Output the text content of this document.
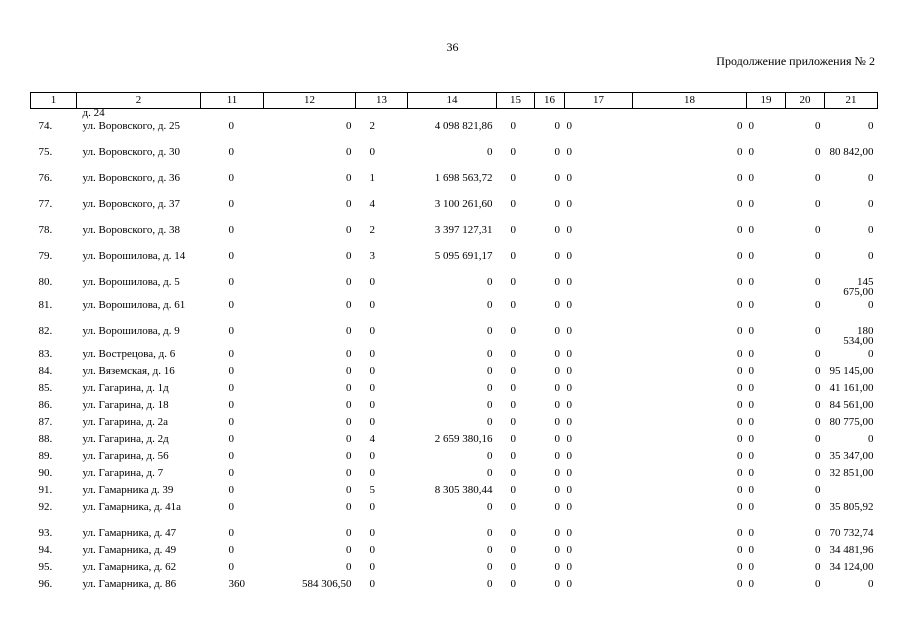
36
Продолжение приложения № 2
1	2	11	12	13	14	15	16	17	18	19	20	21
	д. 24											
74.	ул. Воровского, д. 25	0	0	2	4 098 821,86	0	0	0	0	0	0	0
75.	ул. Воровского, д. 30	0	0	0	0	0	0	0	0	0	0	80 842,00
76.	ул. Воровского, д. 36	0	0	1	1 698 563,72	0	0	0	0	0	0	0
77.	ул. Воровского, д. 37	0	0	4	3 100 261,60	0	0	0	0	0	0	0
78.	ул. Воровского, д. 38	0	0	2	3 397 127,31	0	0	0	0	0	0	0
79.	ул. Ворошилова, д. 14	0	0	3	5 095 691,17	0	0	0	0	0	0	0
80.	ул. Ворошилова, д. 5	0	0	0	0	0	0	0	0	0	0	145 675,00
81.	ул. Ворошилова, д. 61	0	0	0	0	0	0	0	0	0	0	0
82.	ул. Ворошилова, д. 9	0	0	0	0	0	0	0	0	0	0	180 534,00
83.	ул. Вострецова, д. 6	0	0	0	0	0	0	0	0	0	0	0
84.	ул. Вяземская, д. 16	0	0	0	0	0	0	0	0	0	0	95 145,00
85.	ул. Гагарина, д. 1д	0	0	0	0	0	0	0	0	0	0	41 161,00
86.	ул. Гагарина, д. 18	0	0	0	0	0	0	0	0	0	0	84 561,00
87.	ул. Гагарина, д. 2а	0	0	0	0	0	0	0	0	0	0	80 775,00
88.	ул. Гагарина, д. 2д	0	0	4	2 659 380,16	0	0	0	0	0	0	0
89.	ул. Гагарина, д. 56	0	0	0	0	0	0	0	0	0	0	35 347,00
90.	ул. Гагарина, д. 7	0	0	0	0	0	0	0	0	0	0	32 851,00
91.	ул. Гамарника д. 39	0	0	5	8 305 380,44	0	0	0	0	0	0	
92.	ул. Гамарника, д. 41а	0	0	0	0	0	0	0	0	0	0	35 805,92
93.	ул. Гамарника, д. 47	0	0	0	0	0	0	0	0	0	0	70 732,74
94.	ул. Гамарника, д. 49	0	0	0	0	0	0	0	0	0	0	34 481,96
95.	ул. Гамарника, д. 62	0	0	0	0	0	0	0	0	0	0	34 124,00
96.	ул. Гамарника, д. 86	360	584 306,50	0	0	0	0	0	0	0	0	0
